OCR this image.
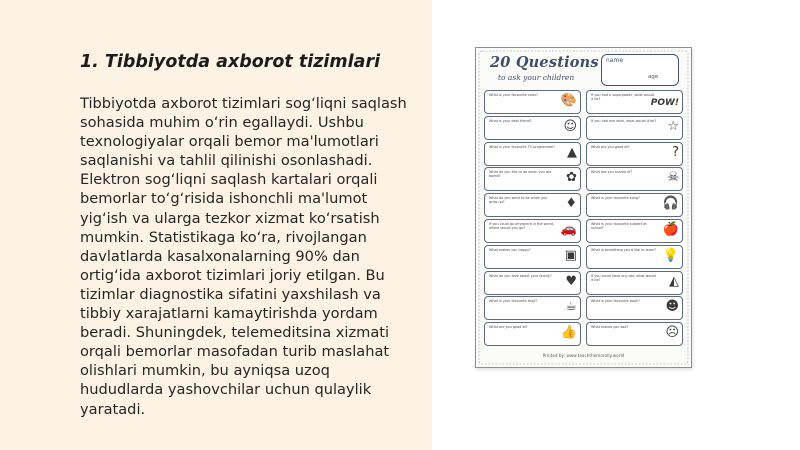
1. Tibbiyotda axborot tizimlari
Tibbiyotda axborot tizimlari sog‘liqni saqlash
sohasida muhim o‘rin egallaydi. Ushbu
texnologiyalar orqali bemor ma'lumotlari
saqlanishi va tahlil qilinishi osonlashadi.
Elektron sog‘liqni saqlash kartalari orqali
bemorlar to‘g‘risida ishonchli ma'lumot
yig‘ish va ularga tezkor xizmat ko‘rsatish
mumkin. Statistikaga ko‘ra, rivojlangan
davlatlarda kasalxonalarning 90% dan
ortig‘ida axborot tizimlari joriy etilgan. Bu
tizimlar diagnostika sifatini yaxshilash va
tibbiy xarajatlarni kamaytirishda yordam
beradi. Shuningdek, telemeditsina xizmati
orqali bemorlar masofadan turib maslahat
olishlari mumkin, bu ayniqsa uzoq
hududlarda yashovchilar uchun qulaylik
yaratadi.
20 Questions
to ask your children
name
age
What is your favourite color?	🎨	If you had a superpower, what would it be?	POW!
What is your best friend?	☺	If you had one wish, what would it be? ☆
What is your favourite TV programme? ▲	What are you good at?	?
What do you like to do when you are bored?	✿	What are you scared of?	☠
What do you want to be when you grow up?	♦	What is your favourite song?	🎧
If you could go anywhere in the world, where would you go?	🚗	What is your favourite subject at school?	🍎
What makes you happy?	▣	What is something you'd like to learn? 💡
What do you love about your family? ♥	If you could have any pet, what would it be?	◭
What is your favourite food?	☕	What is your favourite book?	☻
What are you good at?	👍	What makes you sad?	☹
Printed by: www.teachthemorally.world
